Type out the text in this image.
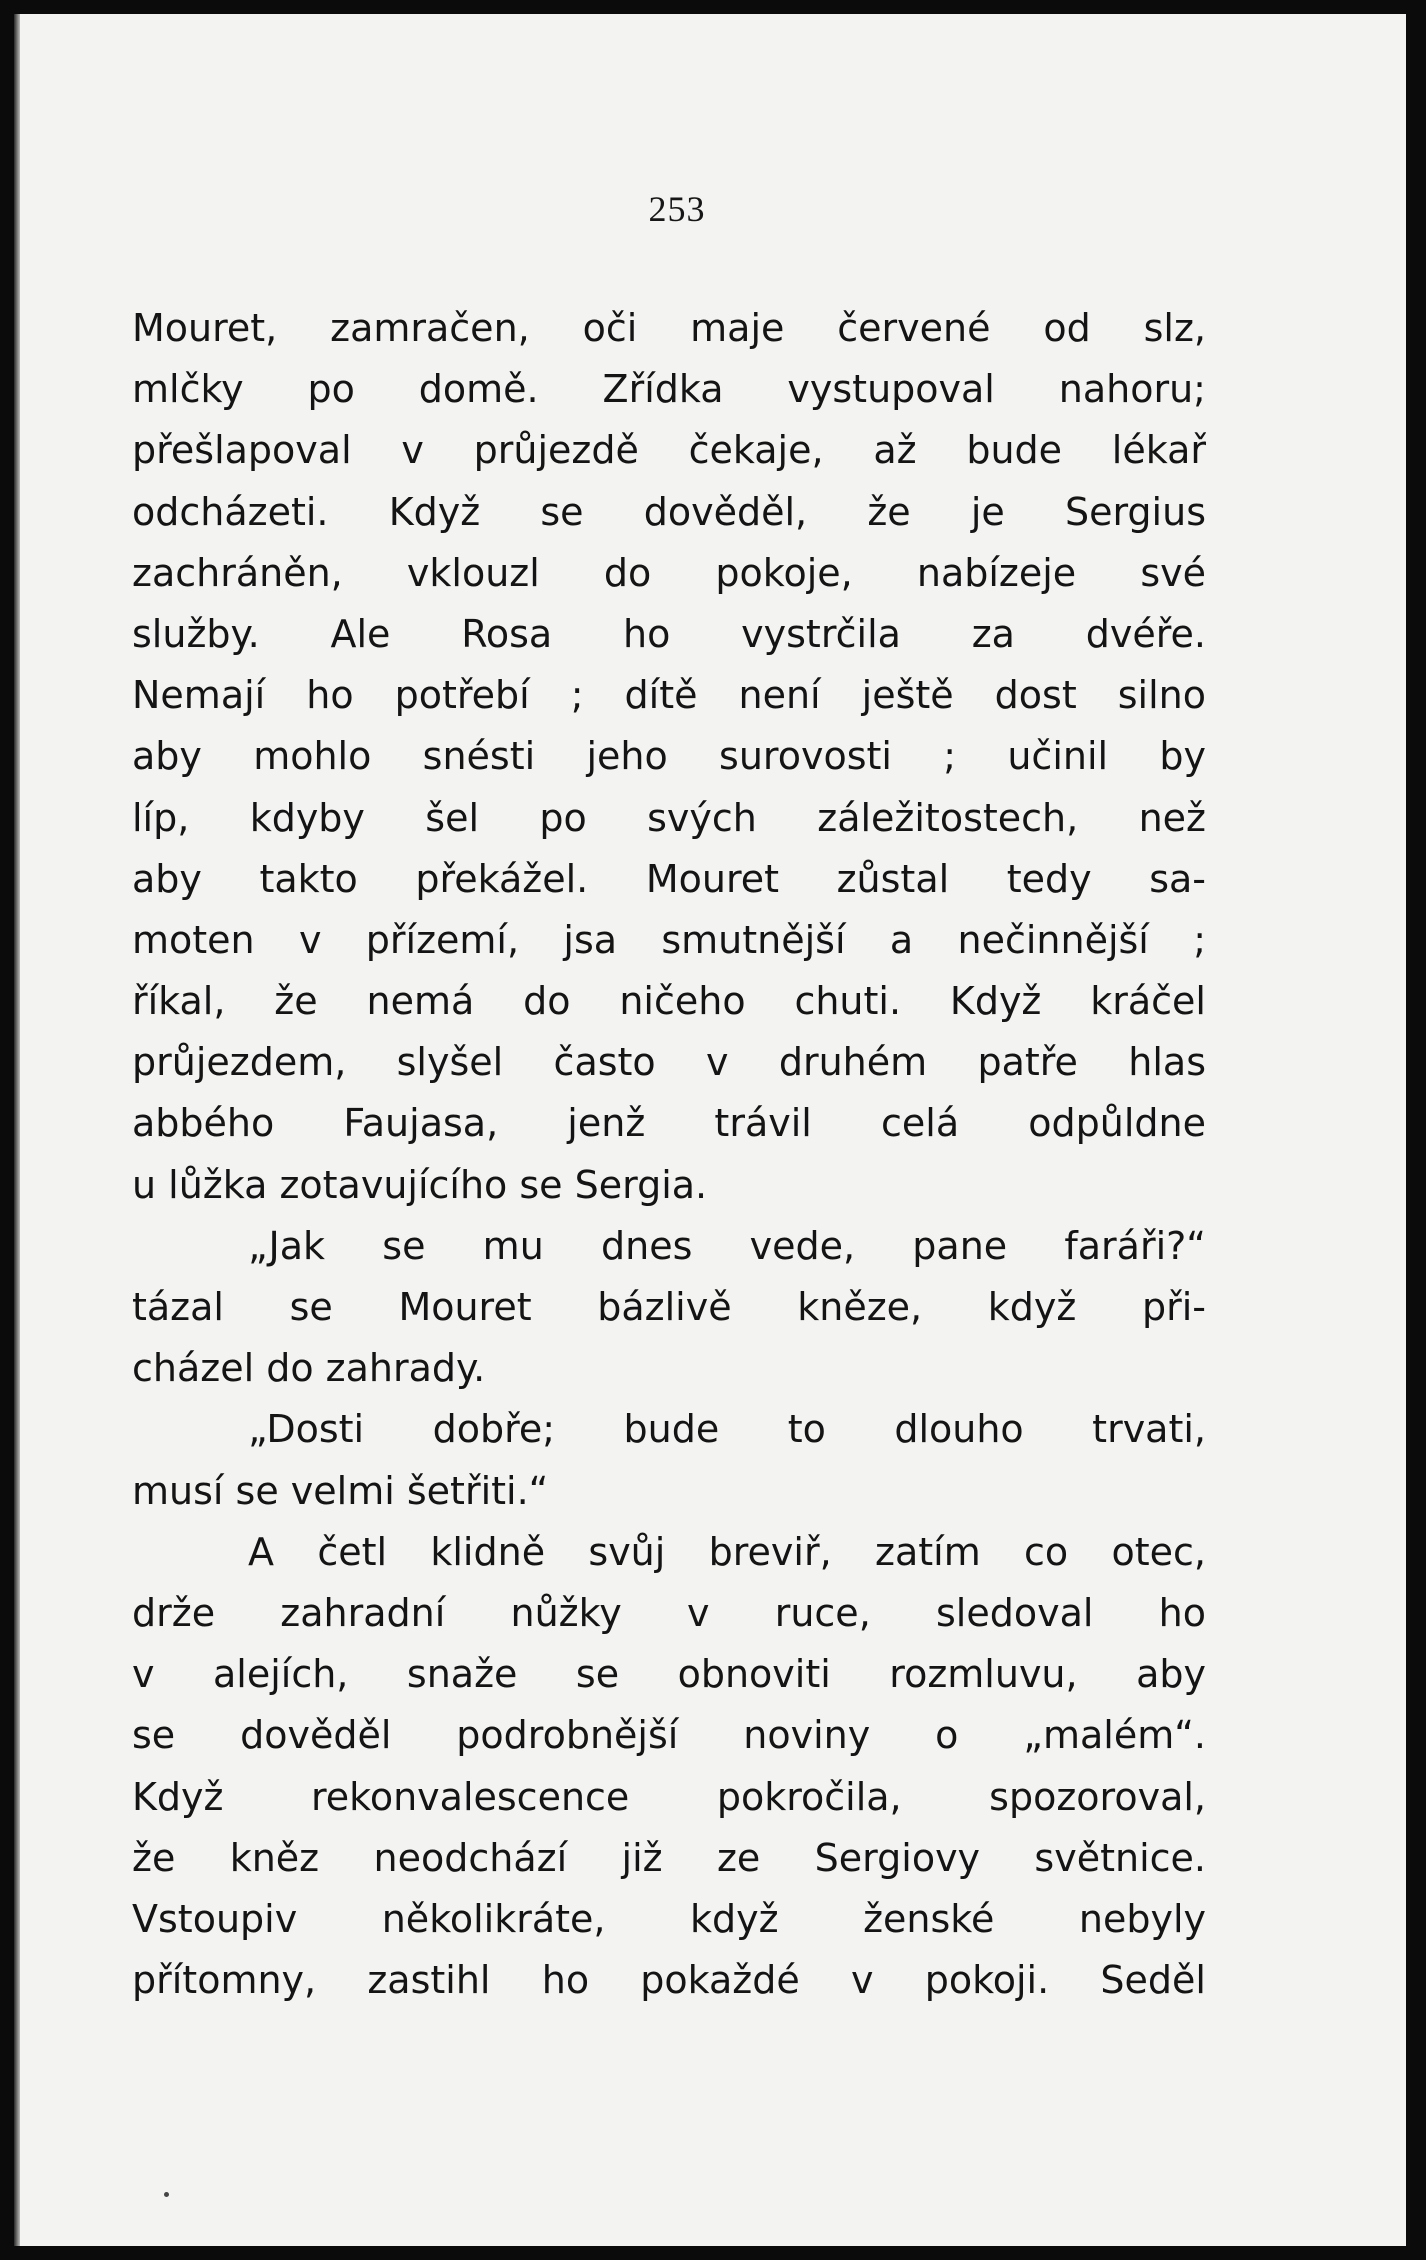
253
Mouret, zamračen, oči maje červené od slz,
mlčky po domě. Zřídka vystupoval nahoru;
přešlapoval v průjezdě čekaje, až bude lékař
odcházeti. Když se dověděl, že je Sergius
zachráněn, vklouzl do pokoje, nabízeje své
služby. Ale Rosa ho vystrčila za dvéře.
Nemají ho potřebí ; dítě není ještě dost silno
aby mohlo snésti jeho surovosti ; učinil by
líp, kdyby šel po svých záležitostech, než
aby takto překážel. Mouret zůstal tedy sa-
moten v přízemí, jsa smutnější a nečinnější ;
říkal, že nemá do ničeho chuti. Když kráčel
průjezdem, slyšel často v druhém patře hlas
abbého Faujasa, jenž trávil celá odpůldne
u lůžka zotavujícího se Sergia.
„Jak se mu dnes vede, pane faráři?“
tázal se Mouret bázlivě kněze, když při-
cházel do zahrady.
„Dosti dobře; bude to dlouho trvati,
musí se velmi šetřiti.“
A četl klidně svůj breviř, zatím co otec,
drže zahradní nůžky v ruce, sledoval ho
v alejích, snaže se obnoviti rozmluvu, aby
se dověděl podrobnější noviny o „malém“.
Když rekonvalescence pokročila, spozoroval,
že kněz neodchází již ze Sergiovy světnice.
Vstoupiv několikráte, když ženské nebyly
přítomny, zastihl ho pokaždé v pokoji. Seděl
